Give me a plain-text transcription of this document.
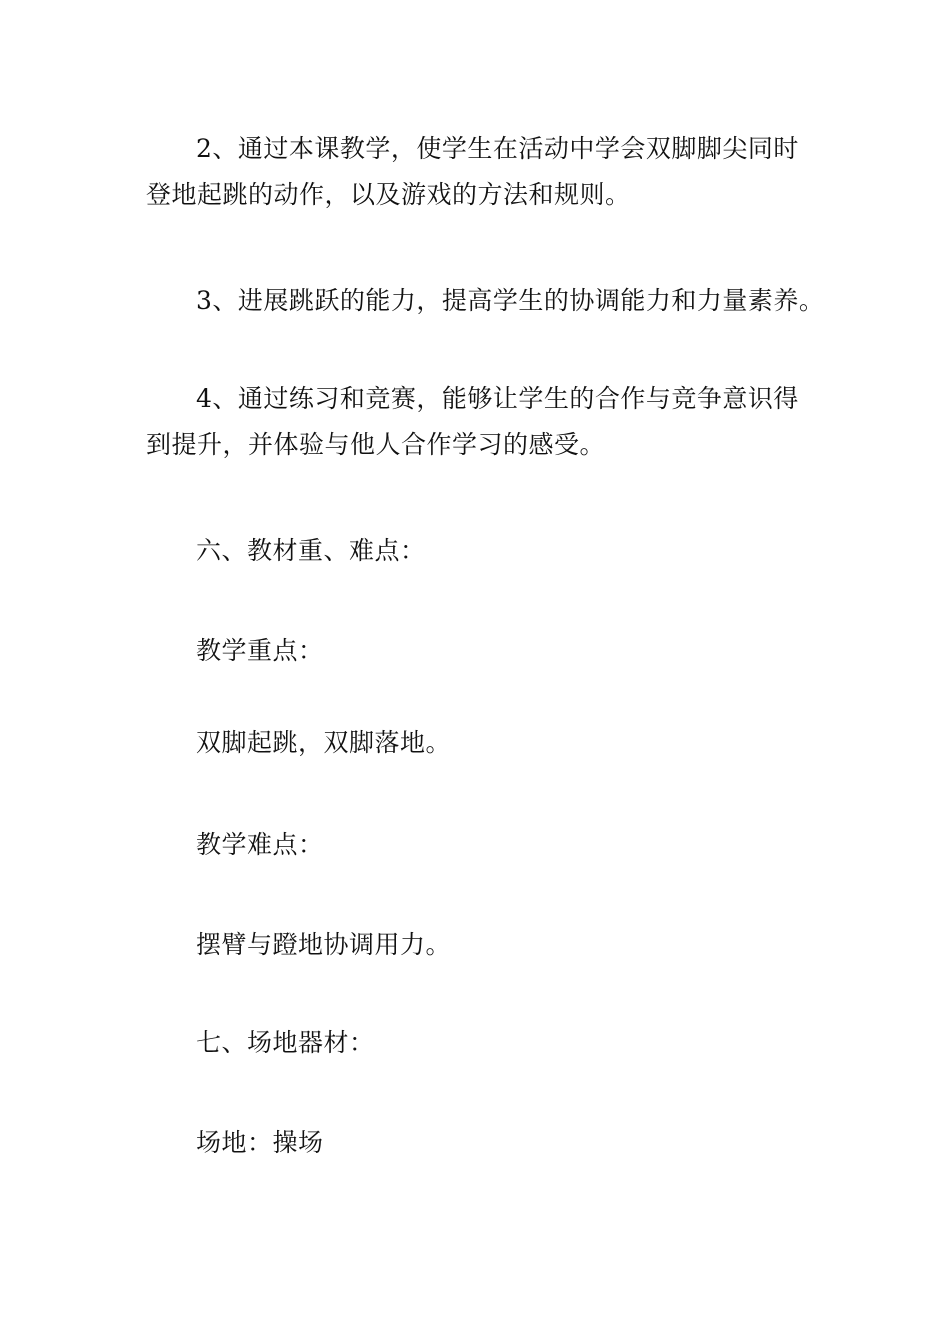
2、通过本课教学，使学生在活动中学会双脚脚尖同时登地起跳的动作，以及游戏的方法和规则。

3、进展跳跃的能力，提高学生的协调能力和力量素养。

4、通过练习和竞赛，能够让学生的合作与竞争意识得到提升，并体验与他人合作学习的感受。

六、教材重、难点：

教学重点：

双脚起跳，双脚落地。

教学难点：

摆臂与蹬地协调用力。

七、场地器材：

场地：操场
